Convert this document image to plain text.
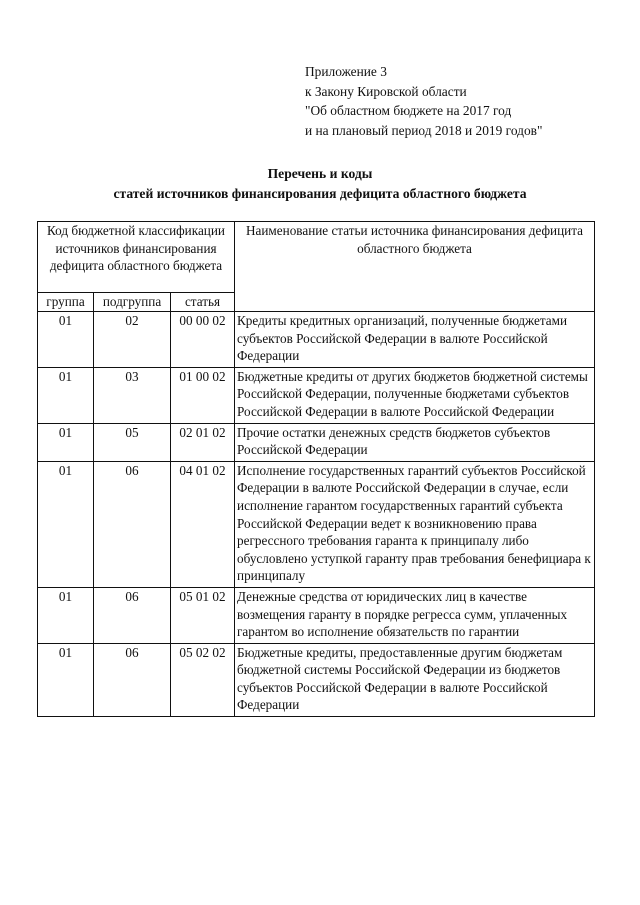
Приложение 3
к Закону Кировской области
"Об областном бюджете на 2017 год
и на плановый период 2018 и 2019 годов"
Перечень и коды
статей источников финансирования дефицита областного бюджета
Код бюджетной классификации источников финансирования дефицита областного бюджета			Наименование статьи источника финансирования дефицита областного бюджета
группа	подгруппа	статья	
01	02	00 00 02	Кредиты кредитных организаций, полученные бюджетами субъектов Российской Федерации в валюте Российской Федерации
01	03	01 00 02	Бюджетные кредиты от других бюджетов бюджетной системы Российской Федерации, полученные бюджетами субъектов Российской Федерации в валюте Российской Федерации
01	05	02 01 02	Прочие остатки денежных средств бюджетов субъектов Российской Федерации
01	06	04 01 02	Исполнение государственных гарантий субъектов Российской Федерации в валюте Российской Федерации в случае, если исполнение гарантом государственных гарантий субъекта Российской Федерации ведет к возникновению права регрессного требования гаранта к принципалу либо обусловлено уступкой гаранту прав требования бенефициара к принципалу
01	06	05 01 02	Денежные средства от юридических лиц в качестве возмещения гаранту в порядке регресса сумм, уплаченных гарантом во исполнение обязательств по гарантии
01	06	05 02 02	Бюджетные кредиты, предоставленные другим бюджетам бюджетной системы Российской Федерации из бюджетов субъектов Российской Федерации в валюте Российской Федерации
